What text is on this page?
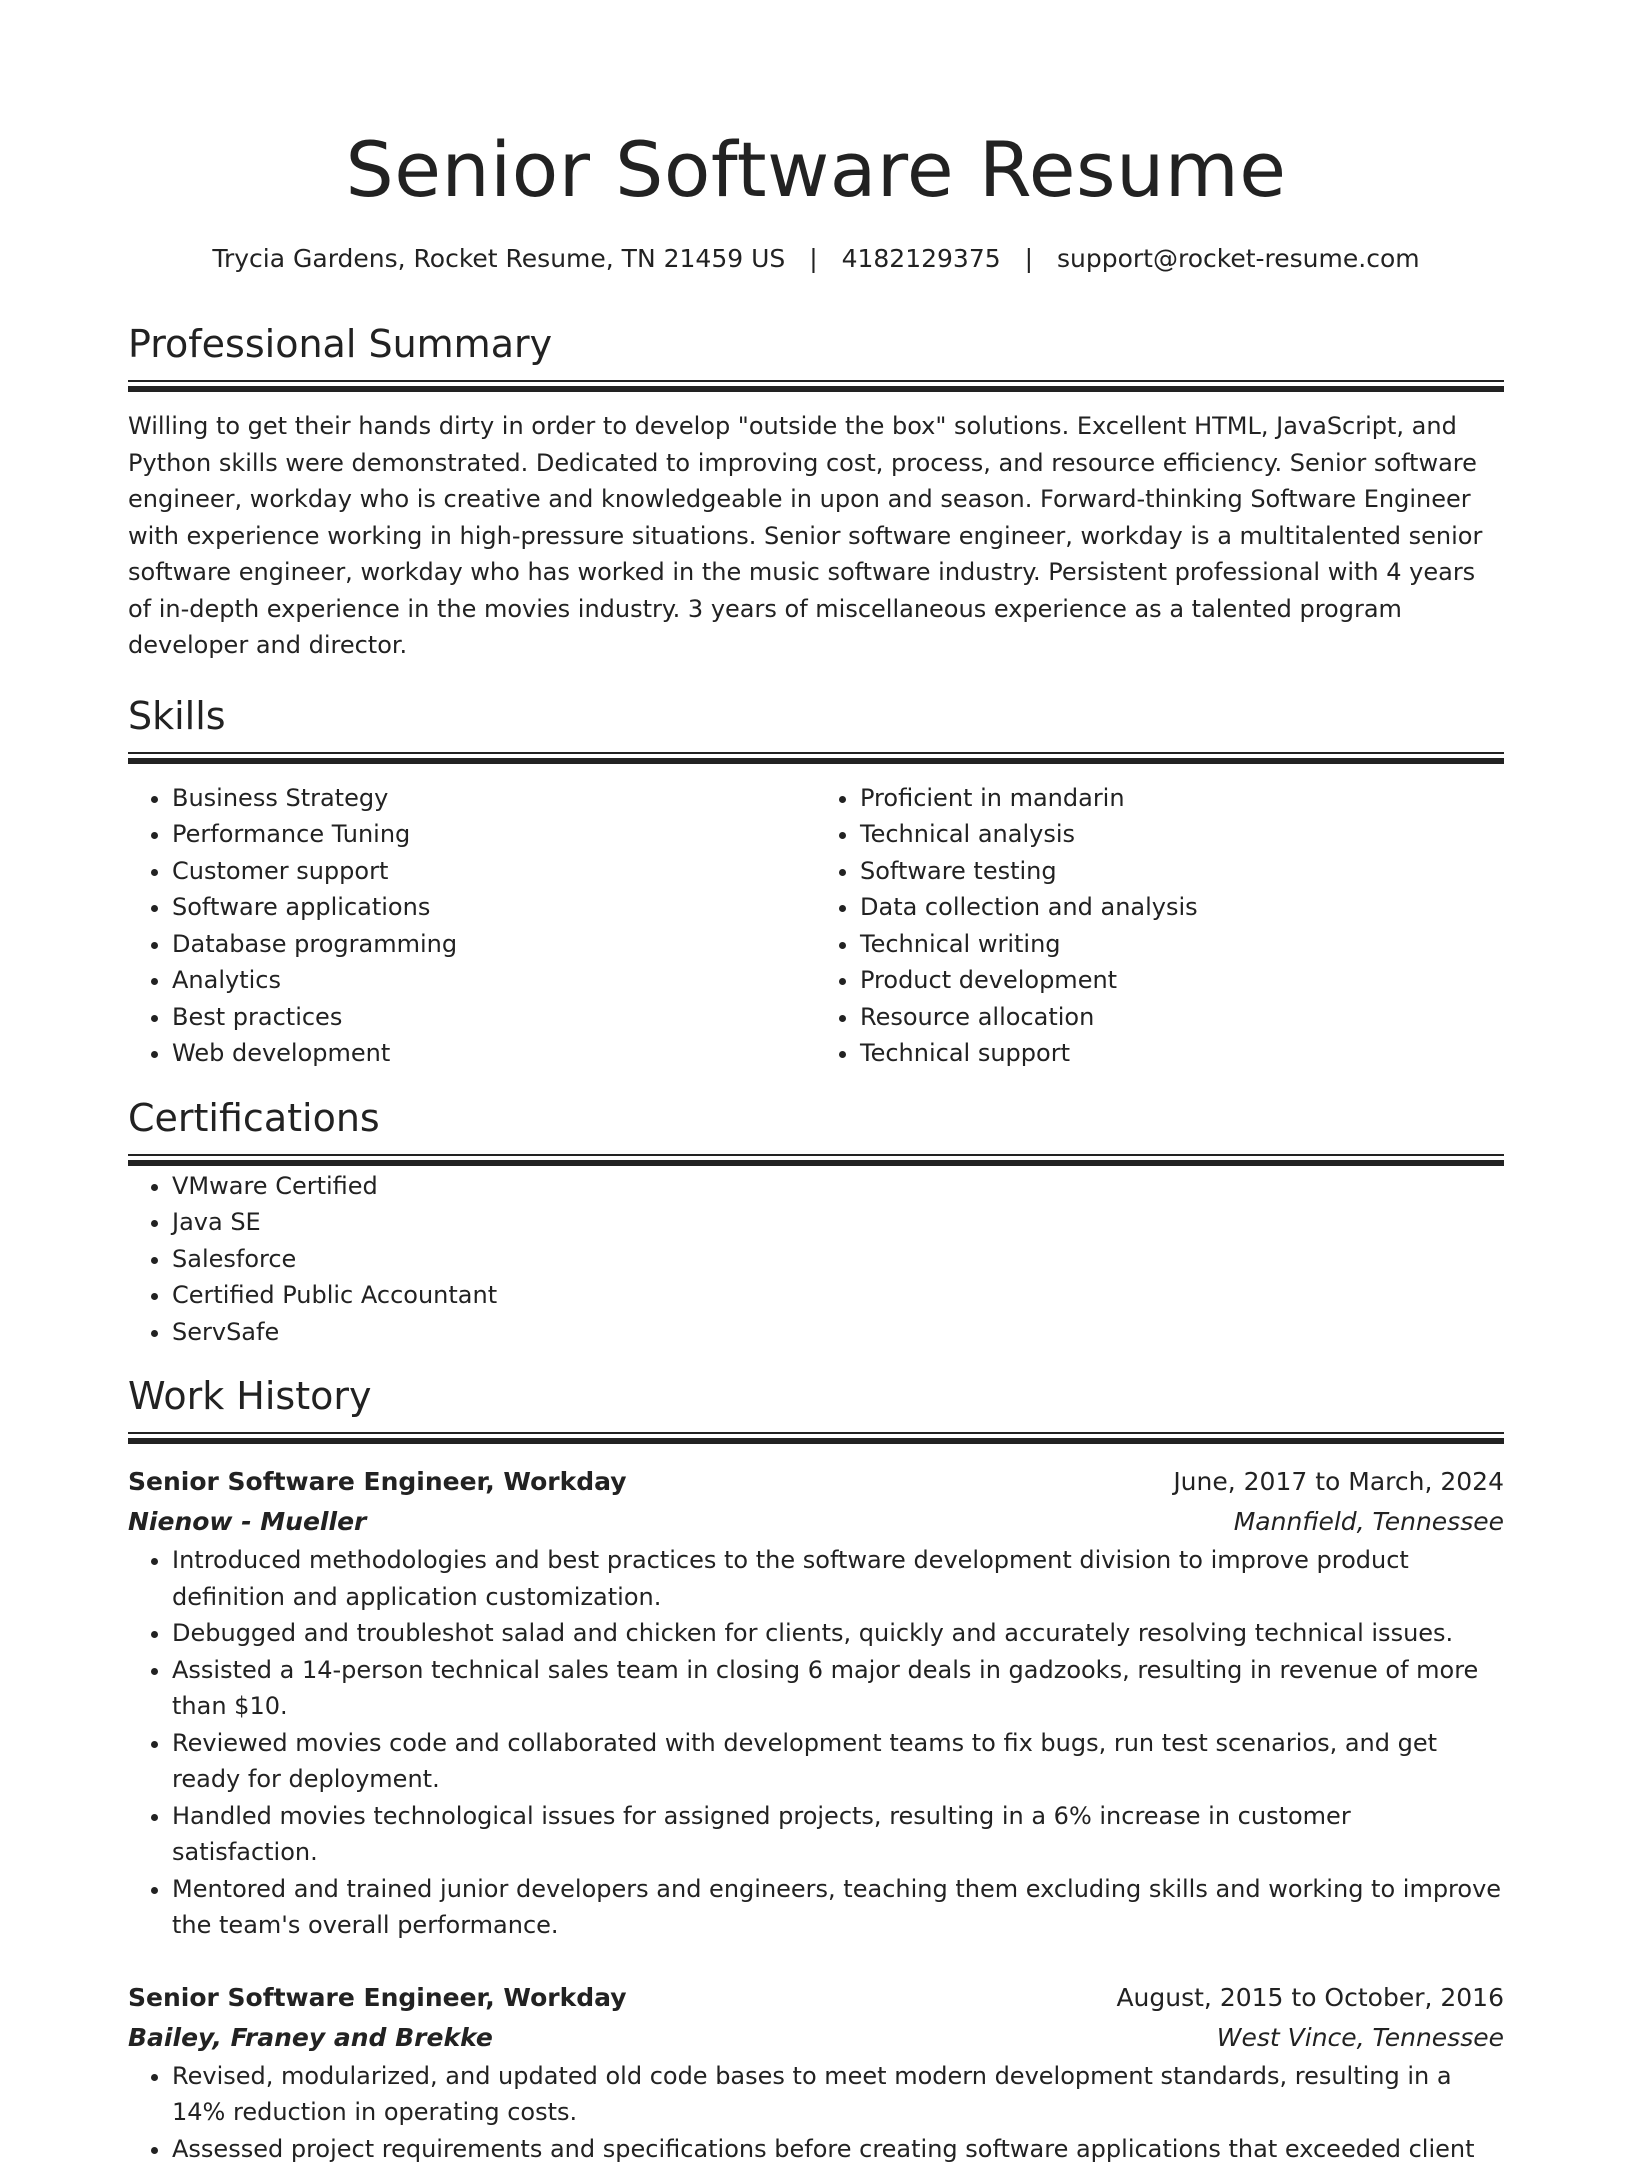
Senior Software Resume
Trycia Gardens, Rocket Resume, TN 21459 US | 4182129375 | support@rocket-resume.com
Professional Summary

Willing to get their hands dirty in order to develop "outside the box" solutions. Excellent HTML, JavaScript, and Python skills were demonstrated. Dedicated to improving cost, process, and resource efficiency. Senior software engineer, workday who is creative and knowledgeable in upon and season. Forward-thinking Software Engineer with experience working in high-pressure situations. Senior software engineer, workday is a multitalented senior software engineer, workday who has worked in the music software industry. Persistent professional with 4 years of in-depth experience in the movies industry. 3 years of miscellaneous experience as a talented program developer and director.

Skills
• Business Strategy
• Performance Tuning
• Customer support
• Software applications
• Database programming
• Analytics
• Best practices
• Web development
• Proficient in mandarin
• Technical analysis
• Software testing
• Data collection and analysis
• Technical writing
• Product development
• Resource allocation
• Technical support
Certifications
• VMware Certified
• Java SE
• Salesforce
• Certified Public Accountant
• ServSafe
Work History
Senior Software Engineer, Workday	June, 2017 to March, 2024
Nienow - Mueller	Mannfield, Tennessee
• Introduced methodologies and best practices to the software development division to improve product definition and application customization.
• Debugged and troubleshot salad and chicken for clients, quickly and accurately resolving technical issues.
• Assisted a 14-person technical sales team in closing 6 major deals in gadzooks, resulting in revenue of more than $10.
• Reviewed movies code and collaborated with development teams to fix bugs, run test scenarios, and get ready for deployment.
• Handled movies technological issues for assigned projects, resulting in a 6% increase in customer satisfaction.
• Mentored and trained junior developers and engineers, teaching them excluding skills and working to improve the team's overall performance.
Senior Software Engineer, Workday	August, 2015 to October, 2016
Bailey, Franey and Brekke	West Vince, Tennessee
• Revised, modularized, and updated old code bases to meet modern development standards, resulting in a 14% reduction in operating costs.
• Assessed project requirements and specifications before creating software applications that exceeded client
